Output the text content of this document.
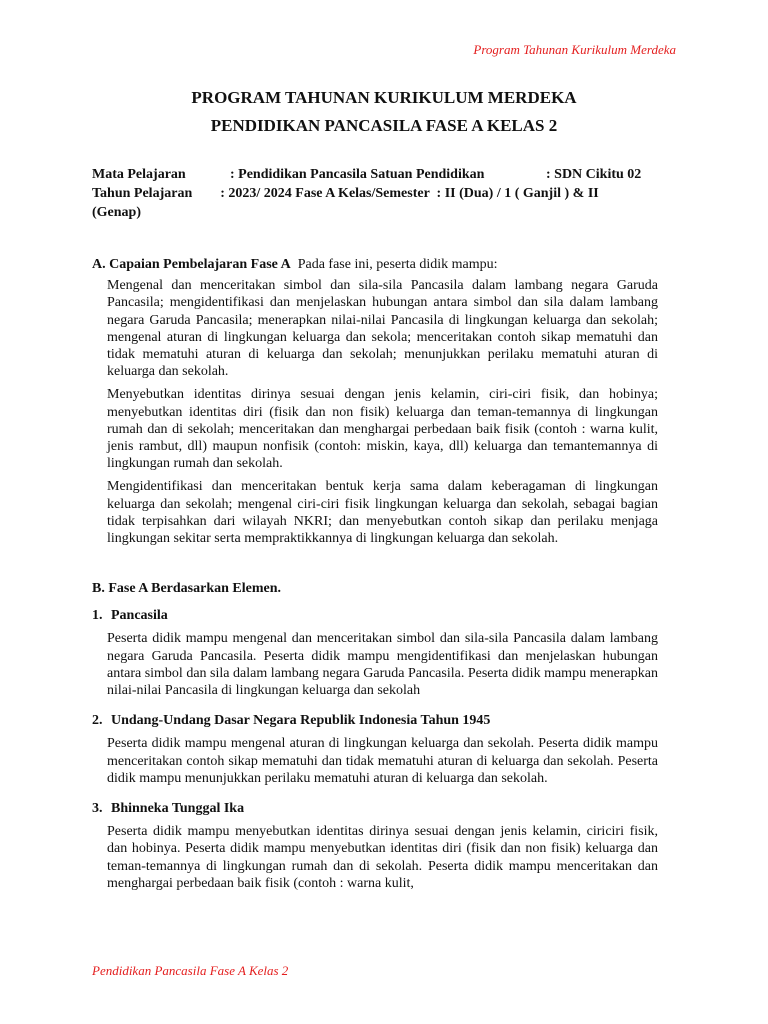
Program Tahunan Kurikulum Merdeka
PROGRAM TAHUNAN KURIKULUM MERDEKA
PENDIDIKAN PANCASILA FASE A KELAS 2
Mata Pelajaran	: Pendidikan Pancasila Satuan Pendidikan	: SDN Cikitu 02
Tahun Pelajaran        : 2023/ 2024 Fase A Kelas/Semester  : II (Dua) / 1 ( Ganjil ) & II
(Genap)
A. Capaian Pembelajaran Fase A  Pada fase ini, peserta didik mampu:

Mengenal dan menceritakan simbol dan sila-sila Pancasila dalam lambang negara Garuda Pancasila; mengidentifikasi dan menjelaskan hubungan antara simbol dan sila dalam lambang negara Garuda Pancasila; menerapkan nilai-nilai Pancasila di lingkungan keluarga dan sekolah; mengenal aturan di lingkungan keluarga dan sekola; menceritakan contoh sikap mematuhi dan tidak mematuhi aturan di keluarga dan sekolah; menunjukkan perilaku mematuhi aturan di keluarga dan sekolah.

Menyebutkan identitas dirinya sesuai dengan jenis kelamin, ciri-ciri fisik, dan hobinya; menyebutkan identitas diri (fisik dan non fisik) keluarga dan teman-temannya di lingkungan rumah dan di sekolah; menceritakan dan menghargai perbedaan baik fisik (contoh : warna kulit, jenis rambut, dll) maupun nonfisik (contoh: miskin, kaya, dll) keluarga dan temantemannya di lingkungan rumah dan sekolah.

Mengidentifikasi dan menceritakan bentuk kerja sama dalam keberagaman di lingkungan keluarga dan sekolah; mengenal ciri-ciri fisik lingkungan keluarga dan sekolah, sebagai bagian tidak terpisahkan dari wilayah NKRI; dan menyebutkan contoh sikap dan perilaku menjaga lingkungan sekitar serta mempraktikkannya di lingkungan keluarga dan sekolah.

B. Fase A Berdasarkan Elemen.
1. Pancasila

Peserta didik mampu mengenal dan menceritakan simbol dan sila-sila Pancasila dalam lambang negara Garuda Pancasila. Peserta didik mampu mengidentifikasi dan menjelaskan hubungan antara simbol dan sila dalam lambang negara Garuda Pancasila. Peserta didik mampu menerapkan nilai-nilai Pancasila di lingkungan keluarga dan sekolah

2. Undang-Undang Dasar Negara Republik Indonesia Tahun 1945

Peserta didik mampu mengenal aturan di lingkungan keluarga dan sekolah. Peserta didik mampu menceritakan contoh sikap mematuhi dan tidak mematuhi aturan di keluarga dan sekolah. Peserta didik mampu menunjukkan perilaku mematuhi aturan di keluarga dan sekolah.

3. Bhinneka Tunggal Ika

Peserta didik mampu menyebutkan identitas dirinya sesuai dengan jenis kelamin, ciriciri fisik, dan hobinya. Peserta didik mampu menyebutkan identitas diri (fisik dan non fisik) keluarga dan teman-temannya di lingkungan rumah dan di sekolah. Peserta didik mampu menceritakan dan menghargai perbedaan baik fisik (contoh : warna kulit,

Pendidikan Pancasila Fase A Kelas 2
